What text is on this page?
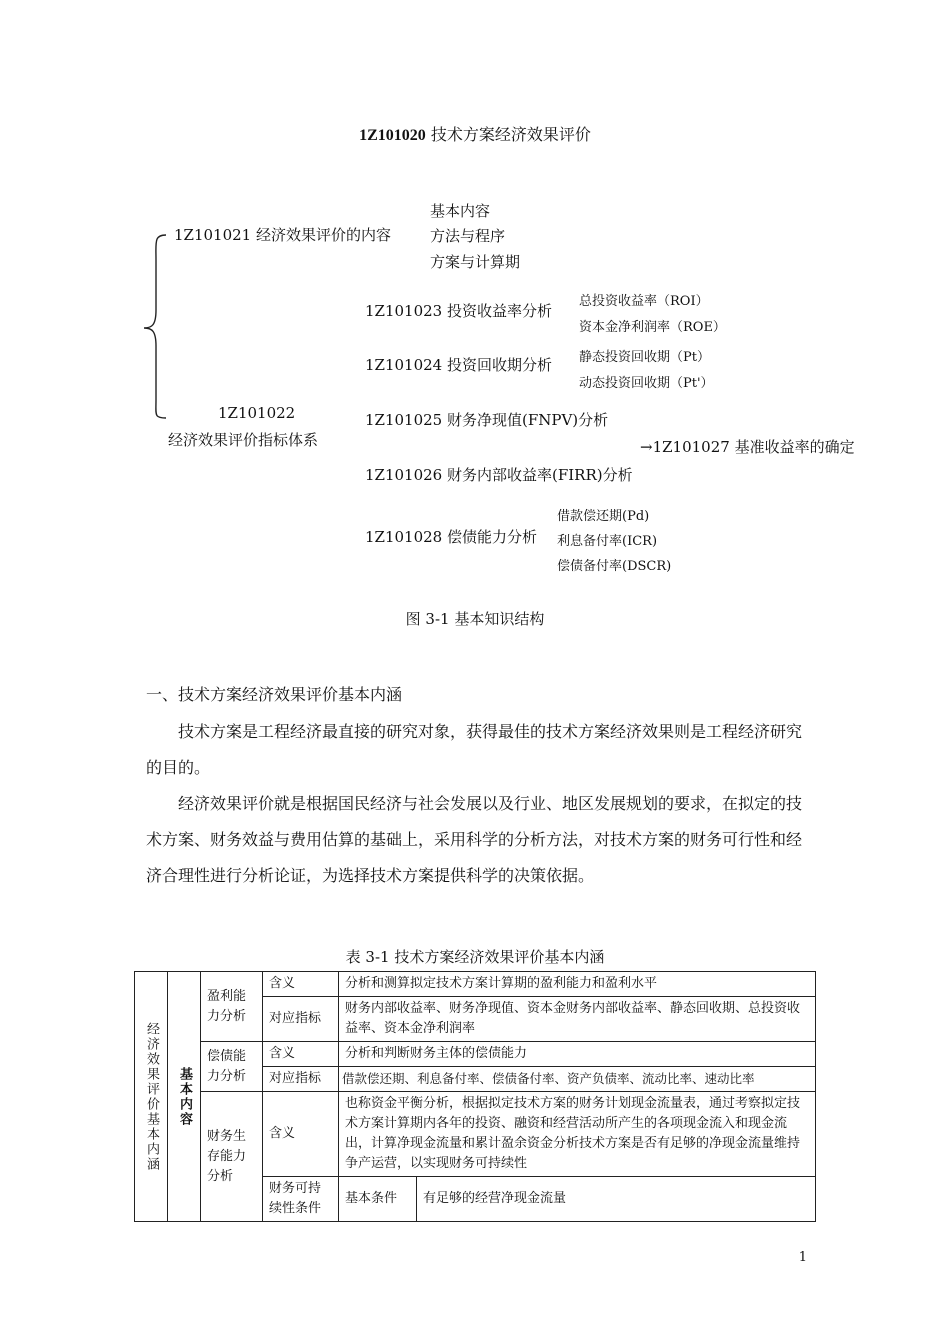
1Z101020 技术方案经济效果评价
1Z101021 经济效果评价的内容
基本内容
方法与程序
方案与计算期
1Z101022
经济效果评价指标体系
1Z101023 投资收益率分析
总投资收益率（ROI）
资本金净利润率（ROE）
1Z101024 投资回收期分析 静态投资回收期（Pt）
动态投资回收期（Pt'）
1Z101025 财务净现值(FNPV)分析
→1Z101027 基准收益率的确定
1Z101026 财务内部收益率(FIRR)分析
1Z101028 偿债能力分析
借款偿还期(Pd)
利息备付率(ICR)
偿债备付率(DSCR)
图 3-1 基本知识结构
一、技术方案经济效果评价基本内涵
技术方案是工程经济最直接的研究对象，获得最佳的技术方案经济效果则是工程经济研究的目的。
经济效果评价就是根据国民经济与社会发展以及行业、地区发展规划的要求，在拟定的技术方案、财务效益与费用估算的基础上，采用科学的分析方法，对技术方案的财务可行性和经济合理性进行分析论证，为选择技术方案提供科学的决策依据。
表 3-1 技术方案经济效果评价基本内涵
经济效果评价基本内涵	基本内容	盈利能力分析	含义	分析和测算拟定技术方案计算期的盈利能力和盈利水平	
			对应指标	财务内部收益率、财务净现值、资本金财务内部收益率、静态回收期、总投资收益率、资本金净利润率	
		偿债能力分析	含义	分析和判断财务主体的偿债能力	
			对应指标	借款偿还期、利息备付率、偿债备付率、资产负债率、流动比率、速动比率	
		财务生存能力分析	含义	也称资金平衡分析，根据拟定技术方案的财务计划现金流量表，通过考察拟定技术方案计算期内各年的投资、融资和经营活动所产生的各项现金流入和现金流出，计算净现金流量和累计盈余资金分析技术方案是否有足够的净现金流量维持争产运营，以实现财务可持续性	
			财务可持续性条件	基本条件	有足够的经营净现金流量
1
